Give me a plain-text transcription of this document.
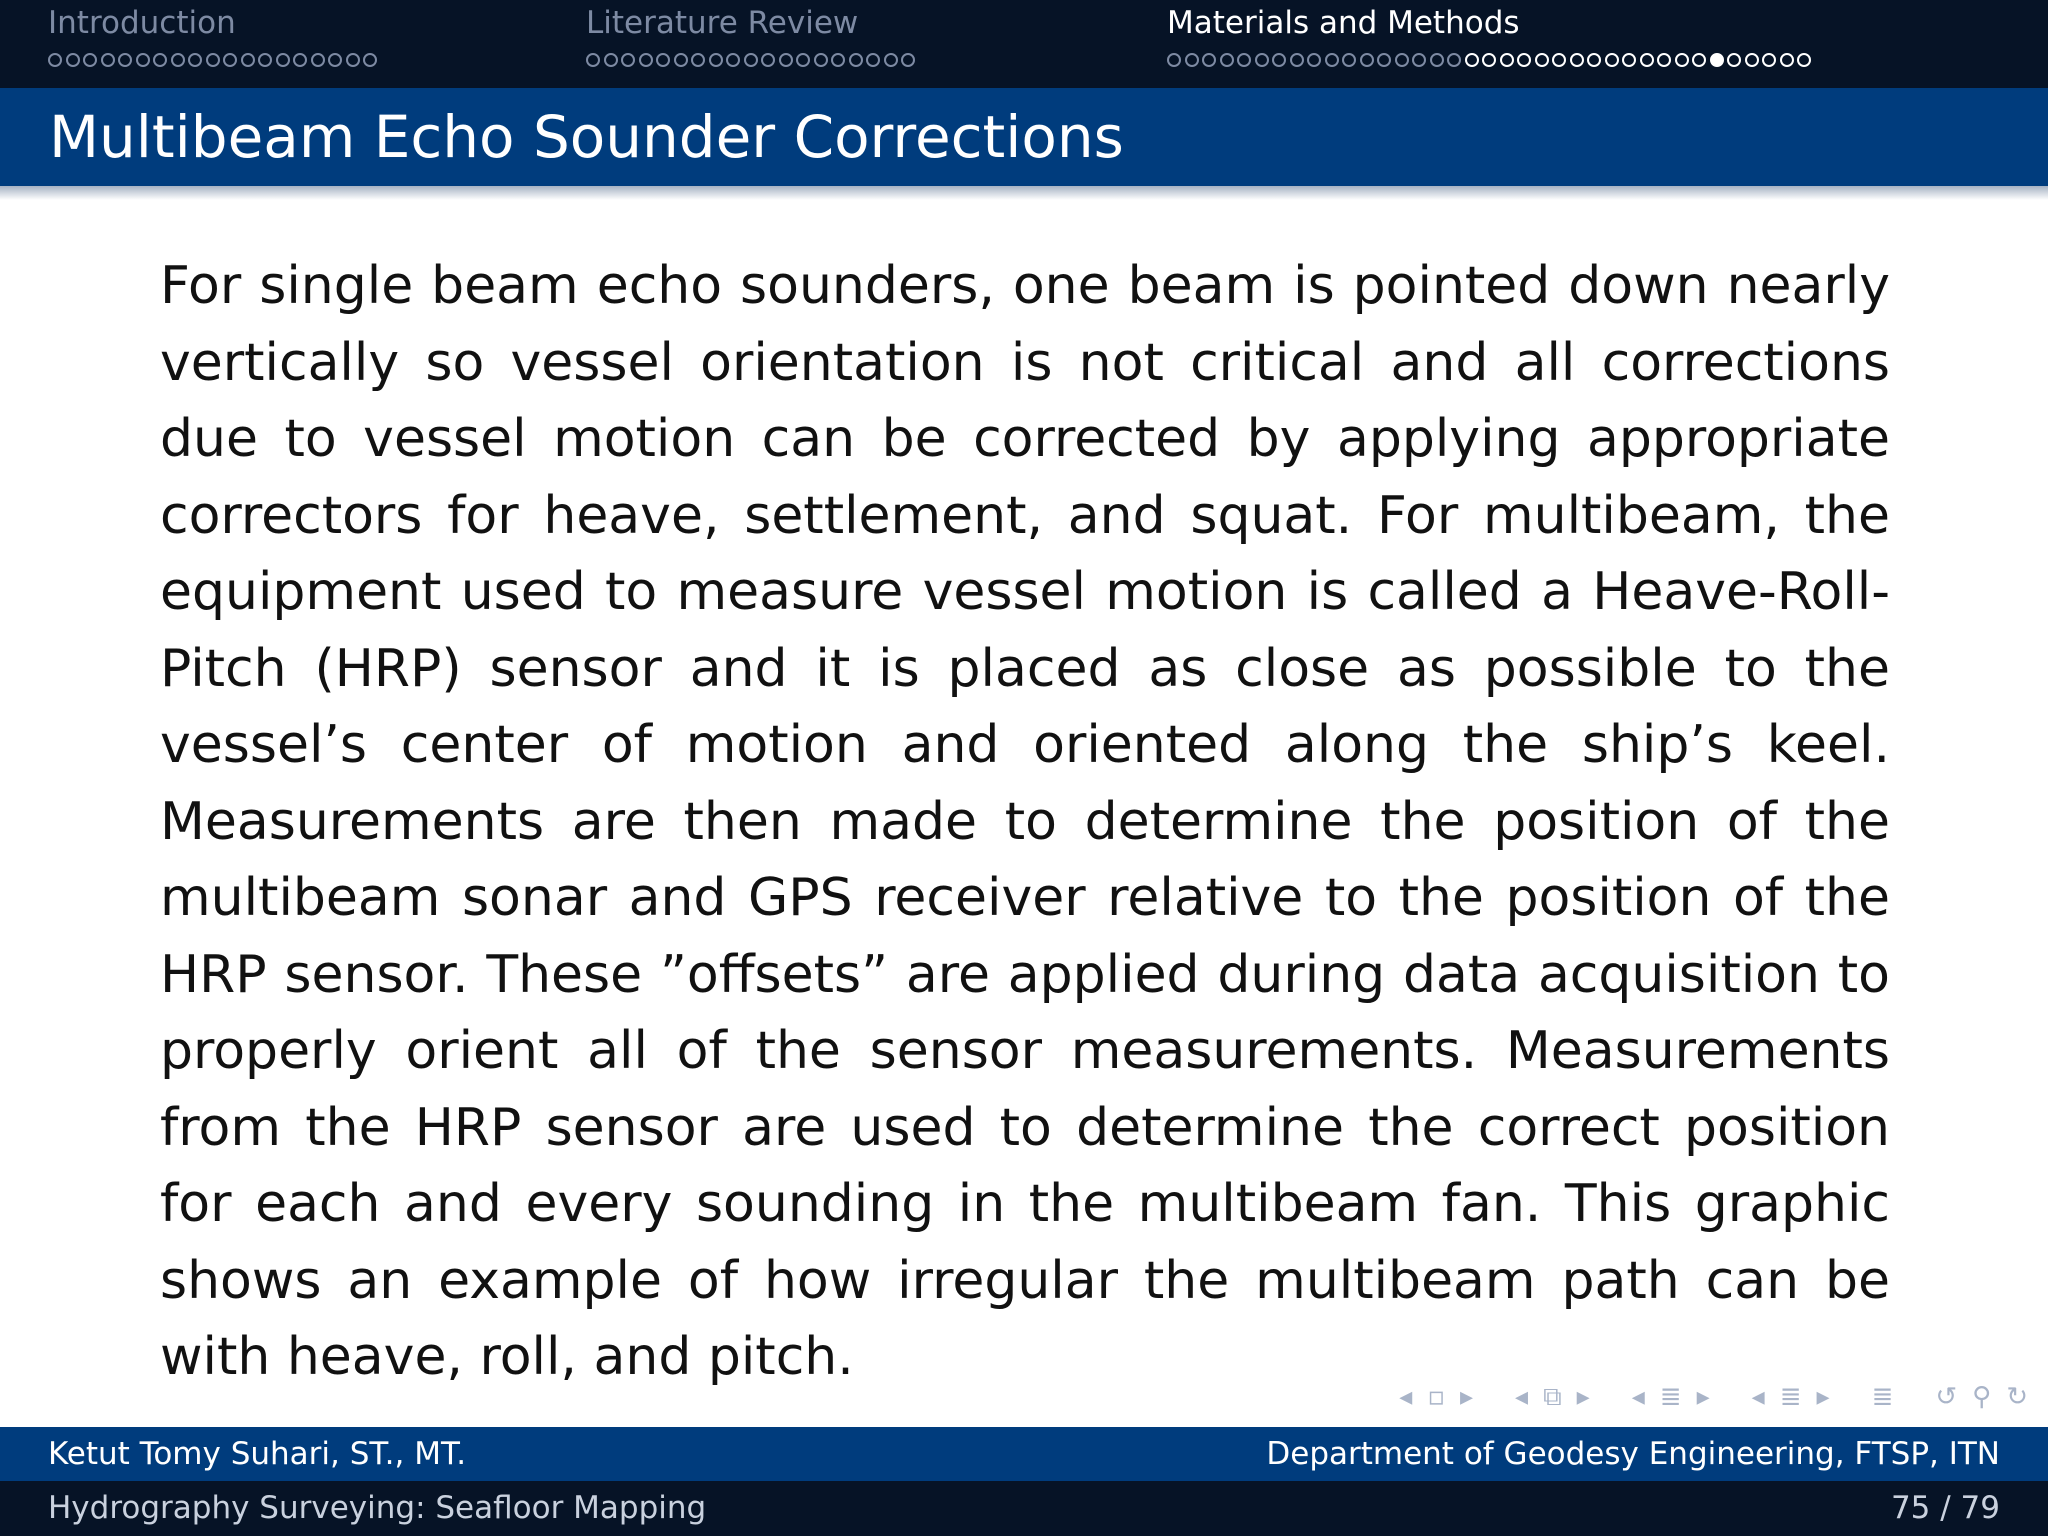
Introduction	Literature Review	Materials and Methods
Multibeam Echo Sounder Corrections
For single beam echo sounders, one beam is pointed down nearly vertically so vessel orientation is not critical and all corrections due to vessel motion can be corrected by applying appropriate correctors for heave, settlement, and squat. For multibeam, the equipment used to measure vessel motion is called a Heave-Roll-Pitch (HRP) sensor and it is placed as close as possible to the vessel’s center of motion and oriented along the ship’s keel. Measurements are then made to determine the position of the multibeam sonar and GPS receiver relative to the position of the HRP sensor. These ”offsets” are applied during data acquisition to properly orient all of the sensor measurements. Measurements from the HRP sensor are used to determine the correct position for each and every sounding in the multibeam fan. This graphic shows an example of how irregular the multibeam path can be with heave, roll, and pitch.
◂ ▫ ▸ ◂ ⧉ ▸ ◂ ≣ ▸ ◂ ≣ ▸ ≣ ↺ ⚲ ↻
Ketut Tomy Suhari, ST., MT.	Department of Geodesy Engineering, FTSP, ITN
Hydrography Surveying: Seafloor Mapping	75 / 79
